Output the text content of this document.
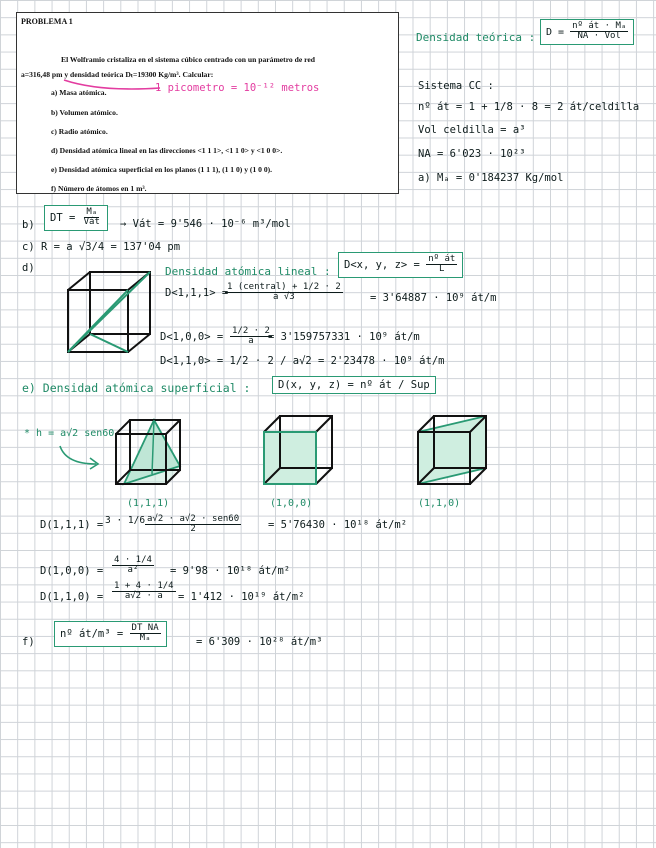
PROBLEMA 1
El Wolframio cristaliza en el sistema cúbico centrado con un parámetro de red
a=316,48 pm y densidad teórica Dₜ=19300 Kg/m³. Calcular:
a) Masa atómica.
b) Volumen atómico.
c) Radio atómico.
d) Densidad atómica lineal en las direcciones <1 1 1>, <1 1 0> y <1 0 0>.
e) Densidad atómica superficial en los planos (1 1 1), (1 1 0) y (1 0 0).
f) Número de átomos en 1 m³.
1 picometro = 10⁻¹² metros
Densidad teórica :	$D = \frac{\text{nº át · Mₐ}}{\text{NA · Vol}}$
Sistema CC :
nº át = 1 + 1/8 · 8 = 2 át/celdilla
Vol celdilla = a³
NA = 6'023 · 10²³
a) Mₐ = 0'184237 Kg/mol
b)
DT = $\frac{\text{Mₐ}}{\text{Vát}}$ → Vát = 9'546 · 10⁻⁶ m³/mol
c) R = a √3/4 = 137'04 pm
d)	Densidad atómica lineal :
D<x, y, $z> = \frac{\text{nº át}}{L}$
D<1,1,1> =
1 (central) + 1/2 · 2
a √3	= 3'64887 · 10⁹ át/m
$D<1,0,0> = \frac{1/2 \cdot 2}{a}$
= 3'159757331 · 10⁹ át/m
D<1,1,0> = 1/2 · 2 / a√2 = 2'23478 · 10⁹ át/m
e) Densidad atómica superficial :	D(x, y, z) = nº át / Sup
* h = a√2 sen60
(1,1,1)	(1,0,0)	(1,1,0)
D(1,1,1) = 3 · 1/6 a√2 · a√2 · sen60
2	= 5'76430 · 10¹⁸ át/m²
$D(1,0,0) = \frac{4 \cdot 1/4}{\text{a²}} = 9'98 \cdot 10^{18}$ át/m²
$D(1,1,0) = \frac{1 + 4 \cdot 1/4}{a√2 \cdot a} = 1'412 \cdot 10^{19}$ át/m²
f)
nº át/m³ = $\frac{\text{DT NA}}{\text{Mₐ}}$	= 6'309 · 10²⁸ át/m³
